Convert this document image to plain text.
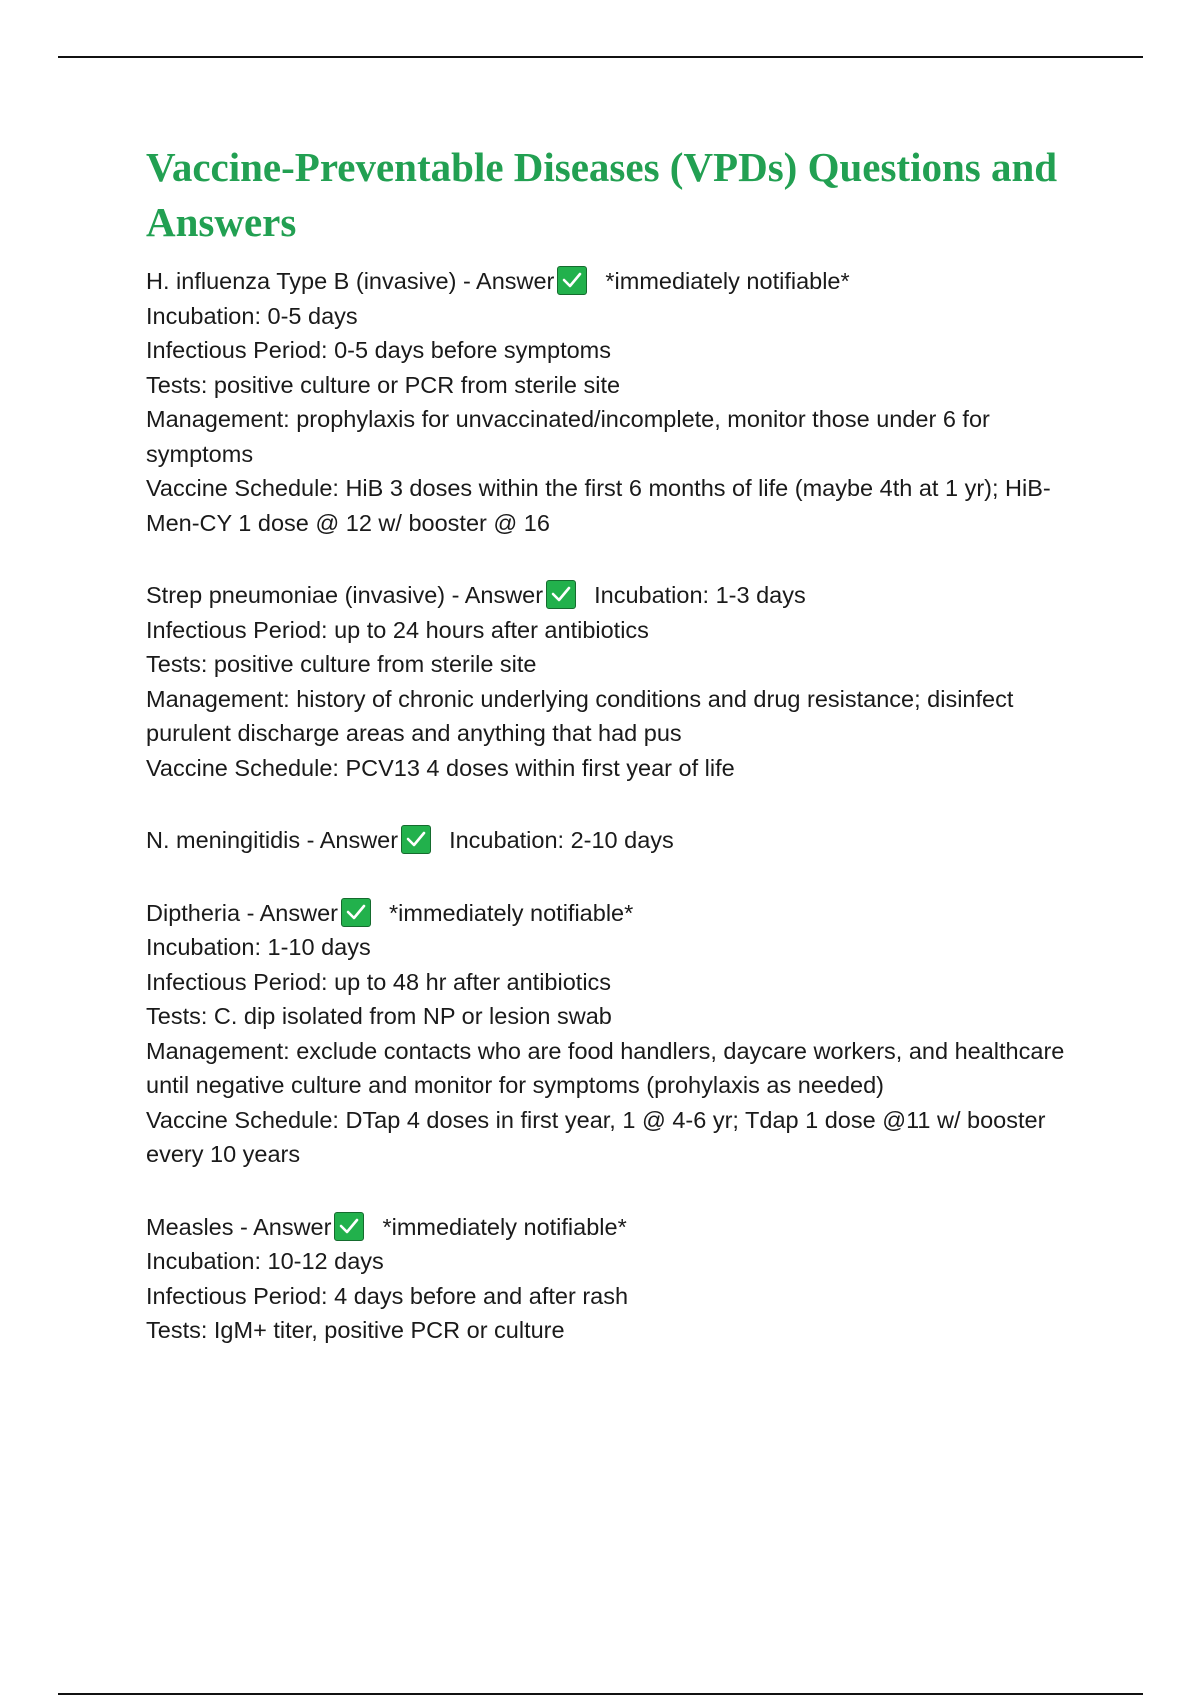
Vaccine-Preventable Diseases (VPDs) Questions and Answers
H. influenza Type B (invasive) - Answer *immediately notifiable*
Incubation: 0-5 days
Infectious Period: 0-5 days before symptoms
Tests: positive culture or PCR from sterile site
Management: prophylaxis for unvaccinated/incomplete, monitor those under 6 for symptoms
Vaccine Schedule: HiB 3 doses within the first 6 months of life (maybe 4th at 1 yr); HiB-Men-CY 1 dose @ 12 w/ booster @ 16
Strep pneumoniae (invasive) - Answer Incubation: 1-3 days
Infectious Period: up to 24 hours after antibiotics
Tests: positive culture from sterile site
Management: history of chronic underlying conditions and drug resistance; disinfect purulent discharge areas and anything that had pus
Vaccine Schedule: PCV13 4 doses within first year of life
N. meningitidis - Answer Incubation: 2-10 days
Diptheria - Answer *immediately notifiable*
Incubation: 1-10 days
Infectious Period: up to 48 hr after antibiotics
Tests: C. dip isolated from NP or lesion swab
Management: exclude contacts who are food handlers, daycare workers, and healthcare until negative culture and monitor for symptoms (prohylaxis as needed)
Vaccine Schedule: DTap 4 doses in first year, 1 @ 4-6 yr; Tdap 1 dose @11 w/ booster every 10 years
Measles - Answer *immediately notifiable*
Incubation: 10-12 days
Infectious Period: 4 days before and after rash
Tests: IgM+ titer, positive PCR or culture
